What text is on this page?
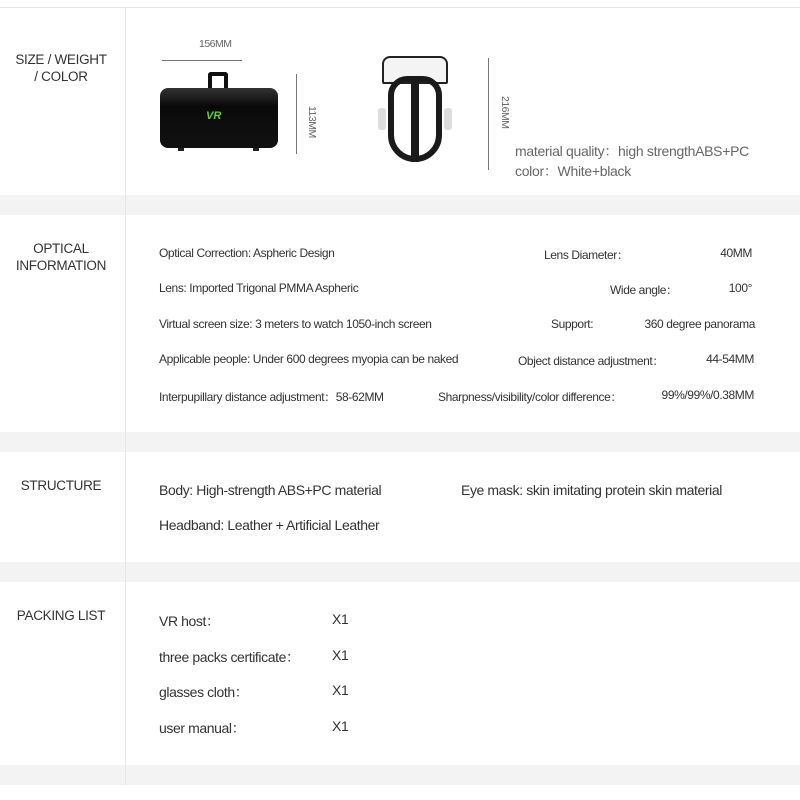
SIZE / WEIGHT
/ COLOR
156MM
VR	113MM	216MM
material quality：high strengthABS+PC
color：White+black
OPTICAL
INFORMATION
Optical Correction: Aspheric Design	Lens Diameter：	40MM
Lens: Imported Trigonal PMMA Aspheric	Wide angle：	100°
Virtual screen size: 3 meters to watch 1050-inch screen	Support:	360 degree panorama
Applicable people: Under 600 degrees myopia can be naked	Object distance adjustment：	44-54MM
Interpupillary distance adjustment：58-62MM	Sharpness/visibility/color difference：	99%/99%/0.38MM
STRUCTURE	Body: High-strength ABS+PC material	Eye mask: skin imitating protein skin material
Headband: Leather + Artificial Leather
PACKING LIST	VR host：	X1
three packs certificate： X1
glasses cloth：	X1
user manual：	X1
